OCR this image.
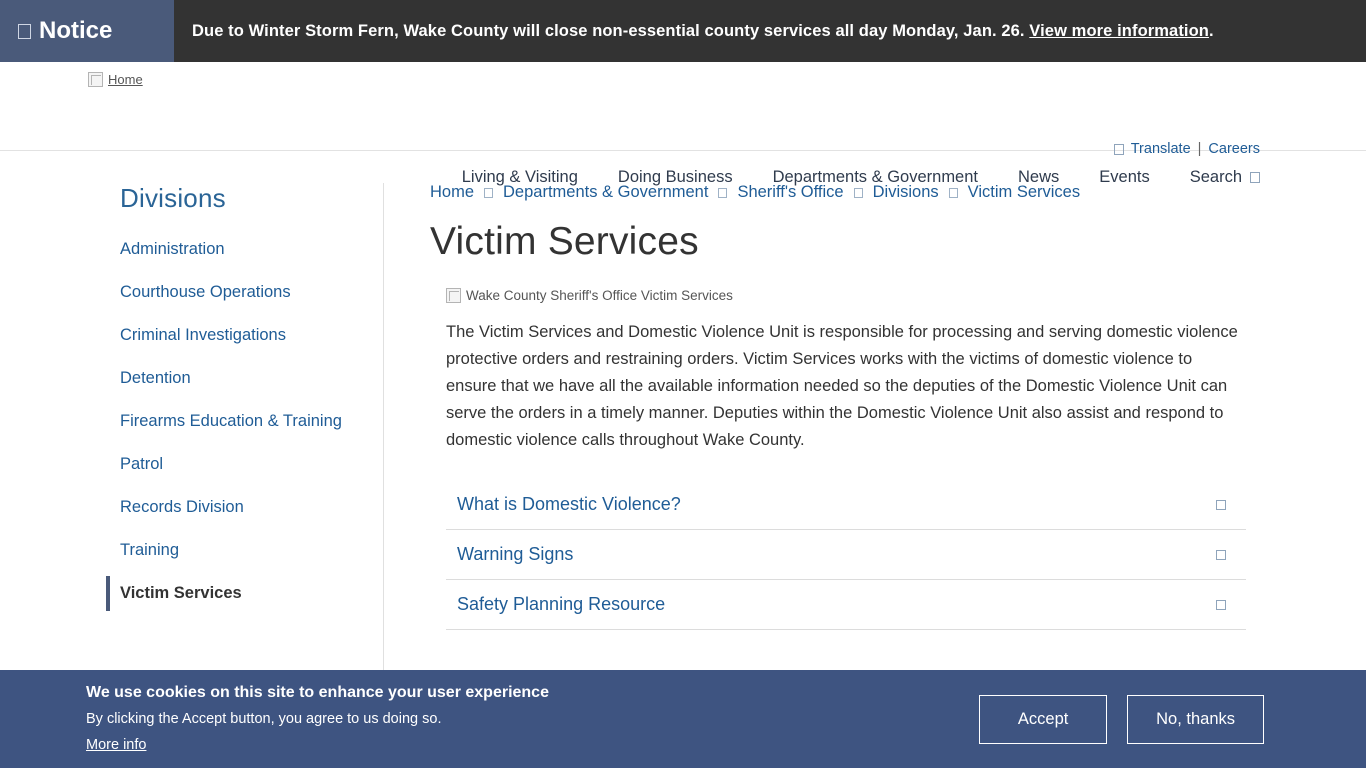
Notice	Due to Winter Storm Fern, Wake County will close non-essential county services all day Monday, Jan. 26.
View more information .
Home
Translate | Careers
Living & Visiting	Doing Business	Departments & Government	News	Events	Search
Divisions
Administration
Courthouse Operations
Criminal Investigations
Detention
Firearms Education & Training
Patrol
Records Division
Training
Victim Services
Home Departments & Government Sheriff's Office Divisions Victim Services
Victim Services
Wake County Sheriff's Office Victim Services

The Victim Services and Domestic Violence Unit is responsible for processing and serving domestic violence protective orders and restraining orders. Victim Services works with the victims of domestic violence to ensure that we have all the available information needed so the deputies of the Domestic Violence Unit can serve the orders in a timely manner. Deputies within the Domestic Violence Unit also assist and respond to domestic violence calls throughout Wake County.

What is Domestic Violence?
Warning Signs
Safety Planning Resource
We use cookies on this site to enhance your user experience
By clicking the Accept button, you agree to us doing so.
More info
Accept	No, thanks
